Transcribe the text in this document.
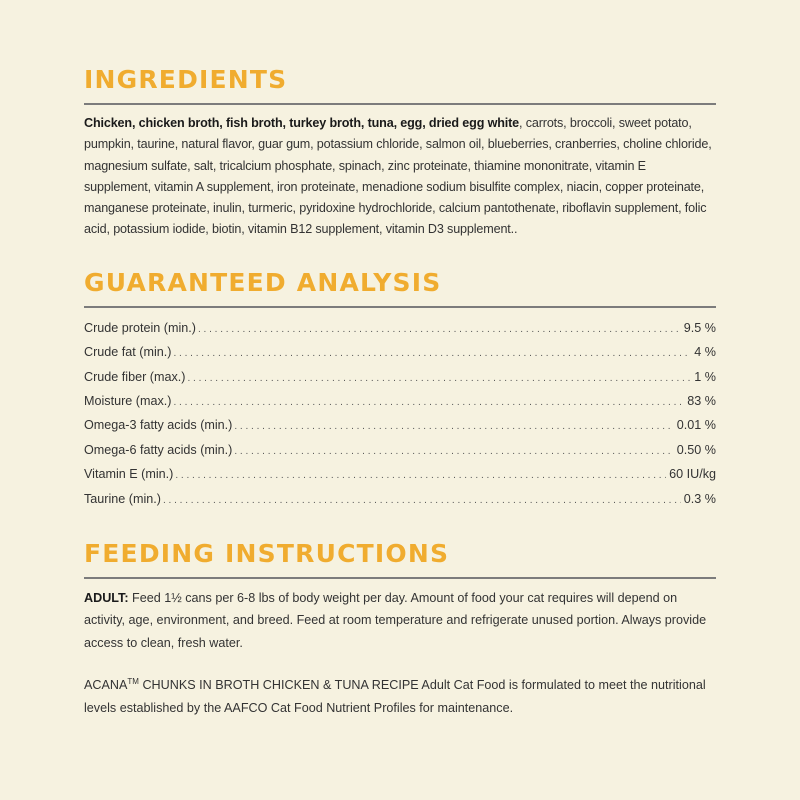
INGREDIENTS

Chicken, chicken broth, fish broth, turkey broth, tuna, egg, dried egg white, carrots, broccoli, sweet potato, pumpkin, taurine, natural flavor, guar gum, potassium chloride, salmon oil, blueberries, cranberries, choline chloride, magnesium sulfate, salt, tricalcium phosphate, spinach, zinc proteinate, thiamine mononitrate, vitamin E supplement, vitamin A supplement, iron proteinate, menadione sodium bisulfite complex, niacin, copper proteinate, manganese proteinate, inulin, turmeric, pyridoxine hydrochloride, calcium pantothenate, riboflavin supplement, folic acid, potassium iodide, biotin, vitamin B12 supplement, vitamin D3 supplement..

GUARANTEED ANALYSIS
Crude protein (min.) . . .	9.5 %
Crude fat (min.) . . .	4 %
Crude fiber (max.) . . .	1 %
Moisture (max.) . . .	83 %
Omega-3 fatty acids (min.) . . .	0.01 %
Omega-6 fatty acids (min.) . . .	0.50 %
Vitamin E (min.) . . .	60 IU/kg
Taurine (min.) . . .	0.3 %
FEEDING INSTRUCTIONS

ADULT: Feed 1½ cans per 6-8 lbs of body weight per day. Amount of food your cat requires will depend on activity, age, environment, and breed. Feed at room temperature and refrigerate unused portion. Always provide access to clean, fresh water.

ACANA™ CHUNKS IN BROTH CHICKEN & TUNA RECIPE Adult Cat Food is formulated to meet the nutritional levels established by the AAFCO Cat Food Nutrient Profiles for maintenance.
